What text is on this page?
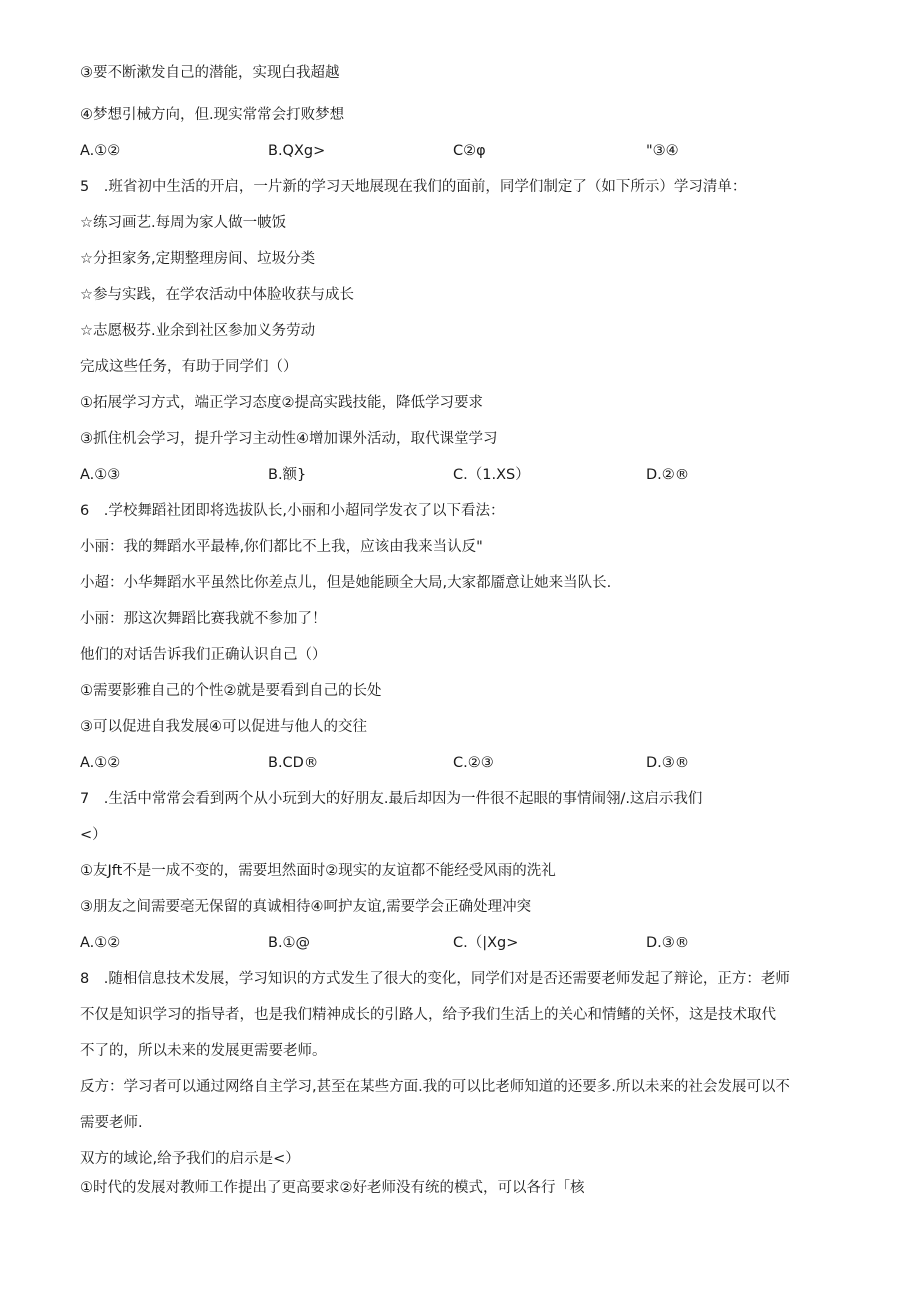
③要不断漱发自己的潜能，实现白我超越
④梦想引械方向，但.现实常常会打败梦想
A.①②	B.QXg>	C②φ	"③④
5　.班省初中生活的开启，一片新的学习天地展现在我们的面前，同学们制定了（如下所示）学习清单：
☆练习画艺.每周为家人做一帔饭
☆分担家务,定期整理房间、垃圾分类
☆参与实践，在学农活动中体脸收获与成长
☆志愿极芬.业余到社区参加义务劳动
完成这些任务，有助于同学们（）
①拓展学习方式，端正学习态度②提高实践技能，降低学习要求
③抓住机会学习，提升学习主动性④增加课外活动，取代课堂学习
A.①③	B.额}	C.（1.XS）	D.②®
6　.学校舞蹈社团即将选拔队长,小丽和小超同学发衣了以下看法：
小丽：我的舞蹈水平最棒,你们都比不上我，应该由我来当认反"
小超：小华舞蹈水平虽然比你差点儿，但是她能顾全大局,大家都靥意让她来当队长.
小丽：那这次舞蹈比赛我就不参加了！
他们的对话告诉我们正确认识自己（）
①需要影雅自己的个性②就是要看到自己的长处
③可以促进自我发展④可以促进与他人的交往
A.①②	B.CD®	C.②③	D.③®
7　.生活中常常会看到两个从小玩到大的好朋友.最后却因为一件很不起眼的事情闹翎/.这启示我们
<）
①友Jft不是一成不变的，需要坦然面时②现实的友谊都不能经受风雨的洗礼
③朋友之间需要亳无保留的真诚相待④呵护友谊,需要学会正确处理冲突
A.①②	B.①@	C.（|Xg>	D.③®
8　.随相信息技术发展，学习知识的方式发生了很大的变化，同学们对是否还需要老师发起了辩论，正方：老师
不仅是知识学习的指导者，也是我们精神成长的引路人，给予我们生活上的关心和情鳍的关怀，这是技术取代
不了的，所以未来的发展更需要老师。
反方：学习者可以通过网络自主学习,甚至在某些方面.我的可以比老师知道的还要多.所以未来的社会发展可以不
需要老师.
双方的域论,给予我们的启示是<）
①时代的发展对教师工作提出了更高要求②好老师没有统的模式，可以各行「核
